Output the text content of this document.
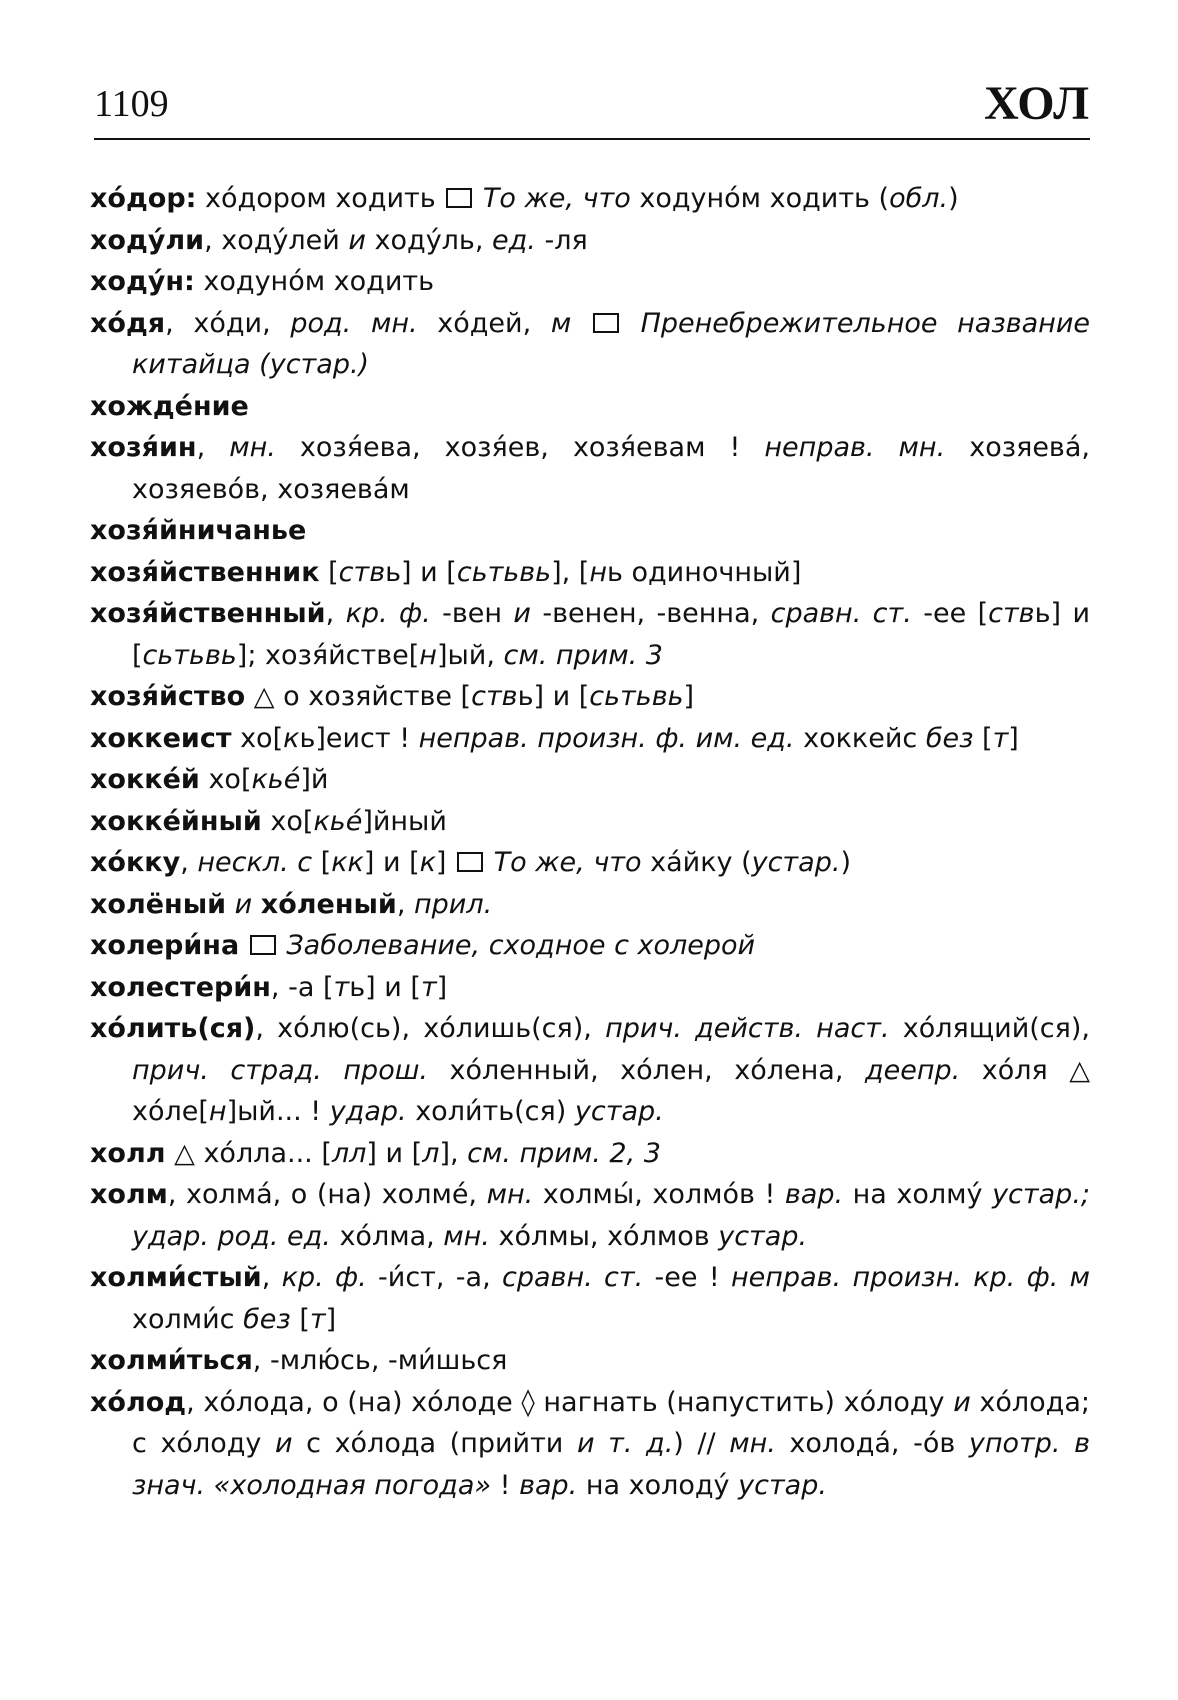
1109	ХОЛ
хо́дор: хо́дором ходить  То же, что ходуно́м ходить (обл.)
ходу́ли, ходу́лей и ходу́ль, ед. -ля
ходу́н: ходуно́м ходить
хо́дя, хо́ди, род. мн. хо́дей, м	Пренебрежительное название китайца (устар.)
хожде́ние
хозя́ин, мн. хозя́ева, хозя́ев, хозя́евам ! неправ. мн. хозяева́, хозяево́в, хозяева́м
хозя́йничанье
хозя́йственник [ствь] и [сьтьвь], [нь одиночный]
хозя́йственный, кр. ф. -вен и -венен, -венна, сравн. ст. -ее [ствь] и [сьтьвь]; хозя́йстве[н]ый, см. прим. 3
хозя́йство △ о хозяйстве [ствь] и [сьтьвь]
хоккеист хо[кь]еист ! неправ. произн. ф. им. ед. хоккейс без [т]
хокке́й хо[кье́]й
хокке́йный хо[кье́]йный
хо́кку, нескл. с [кк] и [к]  То же, что ха́йку (устар.)
холёный и хо́леный, прил.
холери́на Заболевание, сходное с холерой
холестери́н, -а [ть] и [т]
хо́лить(ся), хо́лю(сь), хо́лишь(ся), прич. действ. наст. хо́лящий(ся), прич. страд. прош. хо́ленный, хо́лен, хо́лена, деепр. хо́ля △ хо́ле[н]ый... ! удар. холи́ть(ся) устар.
холл △ хо́лла... [лл] и [л], см. прим. 2, 3
холм, холма́, о (на) холме́, мн. холмы́, холмо́в ! вар. на холму́ устар.; удар. род. ед. хо́лма, мн. хо́лмы, хо́лмов устар.
холми́стый, кр. ф. -и́ст, -а, сравн. ст. -ее ! неправ. произн. кр. ф. м холми́с без [т]
холми́ться, -млю́сь, -ми́шься
хо́лод, хо́лода, о (на) хо́лоде ◊ нагнать (напустить) хо́лоду и хо́лода; с хо́лоду и с хо́лода (прийти и т. д.) // мн. холода́, -о́в употр. в знач. «холодная погода» ! вар. на холоду́ устар.
